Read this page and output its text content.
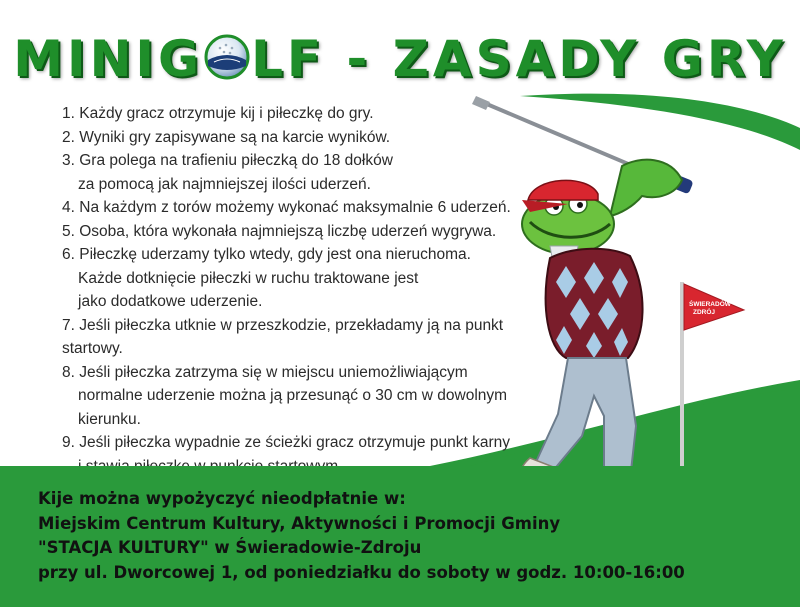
MINIG LF - ZASADY GRY
1. Każdy gracz otrzymuje kij i piłeczkę do gry.
2. Wyniki gry zapisywane są na karcie wyników.
3. Gra polega na trafieniu piłeczką do 18 dołków
za pomocą jak najmniejszej ilości uderzeń.
4. Na każdym z torów możemy wykonać maksymalnie 6 uderzeń.
5. Osoba, która wykonała najmniejszą liczbę uderzeń wygrywa.
6. Piłeczkę uderzamy tylko wtedy, gdy jest ona nieruchoma.
Każde dotknięcie piłeczki w ruchu traktowane jest
jako dodatkowe uderzenie.
7. Jeśli piłeczka utknie w przeszkodzie, przekładamy ją na punkt startowy.
8. Jeśli piłeczka zatrzyma się w miejscu uniemożliwiającym
normalne uderzenie można ją przesunąć o 30 cm w dowolnym kierunku.
9. Jeśli piłeczka wypadnie ze ścieżki gracz otrzymuje punkt karny
ŚWIERADÓW
ZDRÓJ
Kije można wypożyczyć nieodpłatnie w:
Miejskim Centrum Kultury, Aktywności i Promocji Gminy
"STACJA KULTURY" w Świeradowie-Zdroju
przy ul. Dworcowej 1, od poniedziałku do soboty w godz. 10:00-16:00
